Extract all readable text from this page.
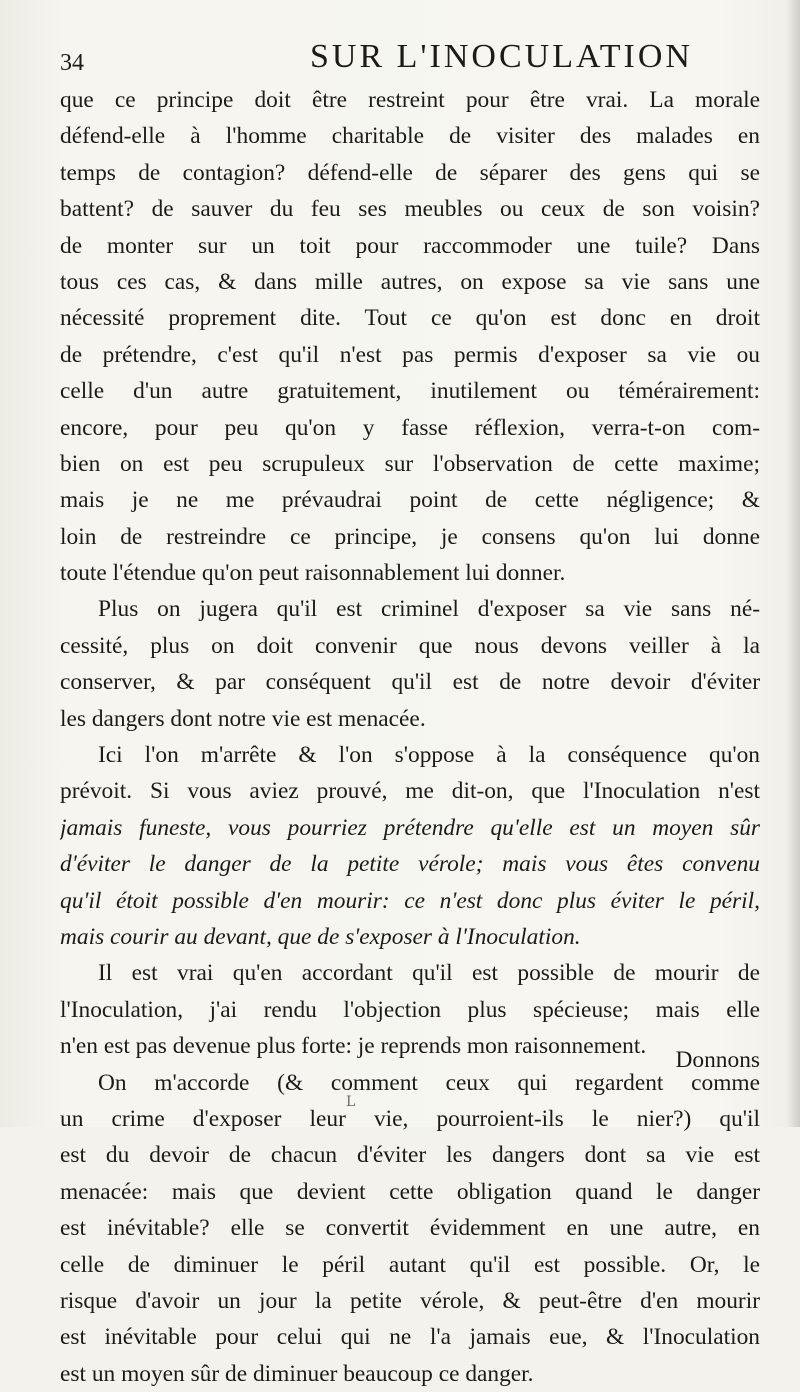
34	SUR L'INOCULATION
que ce principe doit être restreint pour être vrai. La morale
défend-elle à l'homme charitable de visiter des malades en
temps de contagion? défend-elle de séparer des gens qui se
battent? de sauver du feu ses meubles ou ceux de son voisin?
de monter sur un toit pour raccommoder une tuile? Dans
tous ces cas, & dans mille autres, on expose sa vie sans une
nécessité proprement dite. Tout ce qu'on est donc en droit
de prétendre, c'est qu'il n'est pas permis d'exposer sa vie ou
celle d'un autre gratuitement, inutilement ou témérairement:
encore, pour peu qu'on y fasse réflexion, verra-t-on com-
bien on est peu scrupuleux sur l'observation de cette maxime;
mais je ne me prévaudrai point de cette négligence; &
loin de restreindre ce principe, je consens qu'on lui donne
toute l'étendue qu'on peut raisonnablement lui donner.
Plus on jugera qu'il est criminel d'exposer sa vie sans né-
cessité, plus on doit convenir que nous devons veiller à la
conserver, & par conséquent qu'il est de notre devoir d'éviter
les dangers dont notre vie est menacée.
Ici l'on m'arrête & l'on s'oppose à la conséquence qu'on
prévoit. Si vous aviez prouvé, me dit-on, que l'Inoculation n'est
jamais funeste, vous pourriez prétendre qu'elle est un moyen sûr
d'éviter le danger de la petite vérole; mais vous êtes convenu
qu'il étoit possible d'en mourir: ce n'est donc plus éviter le péril,
mais courir au devant, que de s'exposer à l'Inoculation.
Il est vrai qu'en accordant qu'il est possible de mourir de
l'Inoculation, j'ai rendu l'objection plus spécieuse; mais elle
n'en est pas devenue plus forte: je reprends mon raisonnement.
On m'accorde (& comment ceux qui regardent comme
un crime d'exposer leur vie, pourroient-ils le nier?) qu'il
est du devoir de chacun d'éviter les dangers dont sa vie est
menacée: mais que devient cette obligation quand le danger
est inévitable? elle se convertit évidemment en une autre, en
celle de diminuer le péril autant qu'il est possible. Or, le
risque d'avoir un jour la petite vérole, & peut-être d'en mourir
est inévitable pour celui qui ne l'a jamais eue, & l'Inoculation
est un moyen sûr de diminuer beaucoup ce danger.
Donnons
L
